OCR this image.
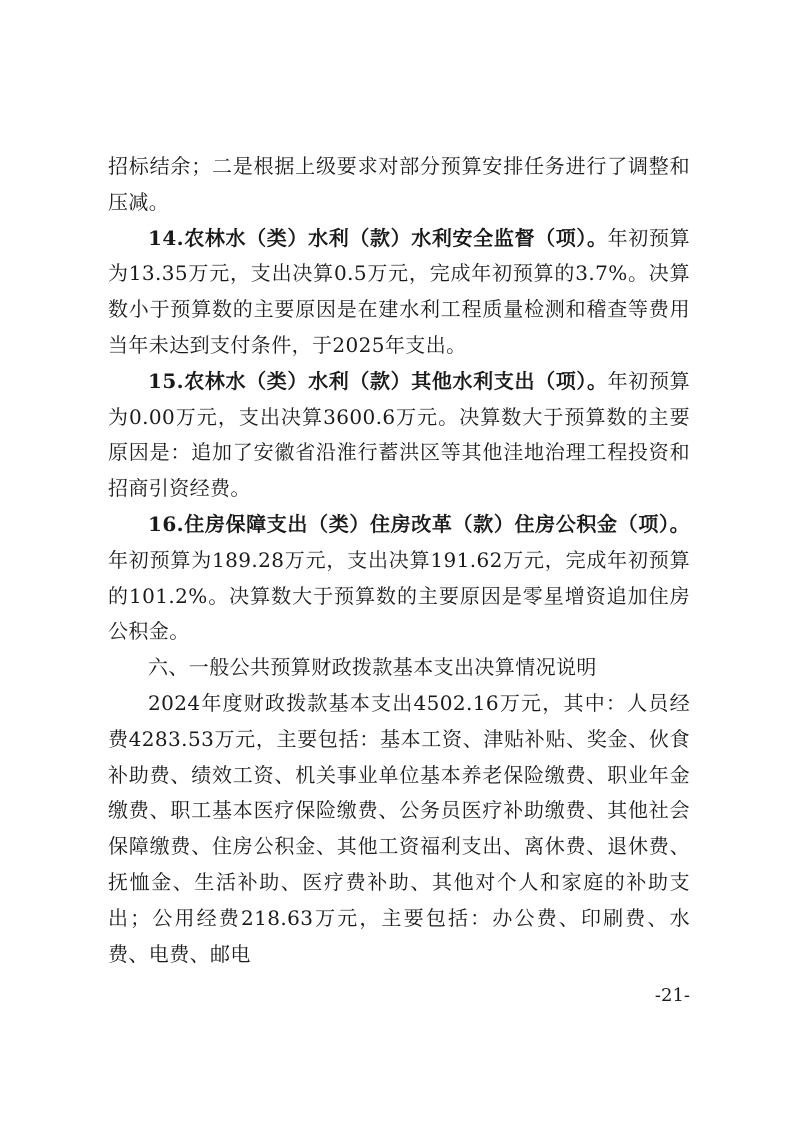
招标结余；二是根据上级要求对部分预算安排任务进行了调整和压减。

14.农林水（类）水利（款）水利安全监督（项）。年初预算为13.35万元，支出决算0.5万元，完成年初预算的3.7%。决算数小于预算数的主要原因是在建水利工程质量检测和稽查等费用当年未达到支付条件，于2025年支出。

15.农林水（类）水利（款）其他水利支出（项）。年初预算为0.00万元，支出决算3600.6万元。决算数大于预算数的主要原因是：追加了安徽省沿淮行蓄洪区等其他洼地治理工程投资和招商引资经费。

16.住房保障支出（类）住房改革（款）住房公积金（项）。年初预算为189.28万元，支出决算191.62万元，完成年初预算的101.2%。决算数大于预算数的主要原因是零星增资追加住房公积金。

六、一般公共预算财政拨款基本支出决算情况说明

2024年度财政拨款基本支出4502.16万元，其中：人员经费4283.53万元，主要包括：基本工资、津贴补贴、奖金、伙食补助费、绩效工资、机关事业单位基本养老保险缴费、职业年金缴费、职工基本医疗保险缴费、公务员医疗补助缴费、其他社会保障缴费、住房公积金、其他工资福利支出、离休费、退休费、抚恤金、生活补助、医疗费补助、其他对个人和家庭的补助支出；公用经费218.63万元，主要包括：办公费、印刷费、水费、电费、邮电

-21-
